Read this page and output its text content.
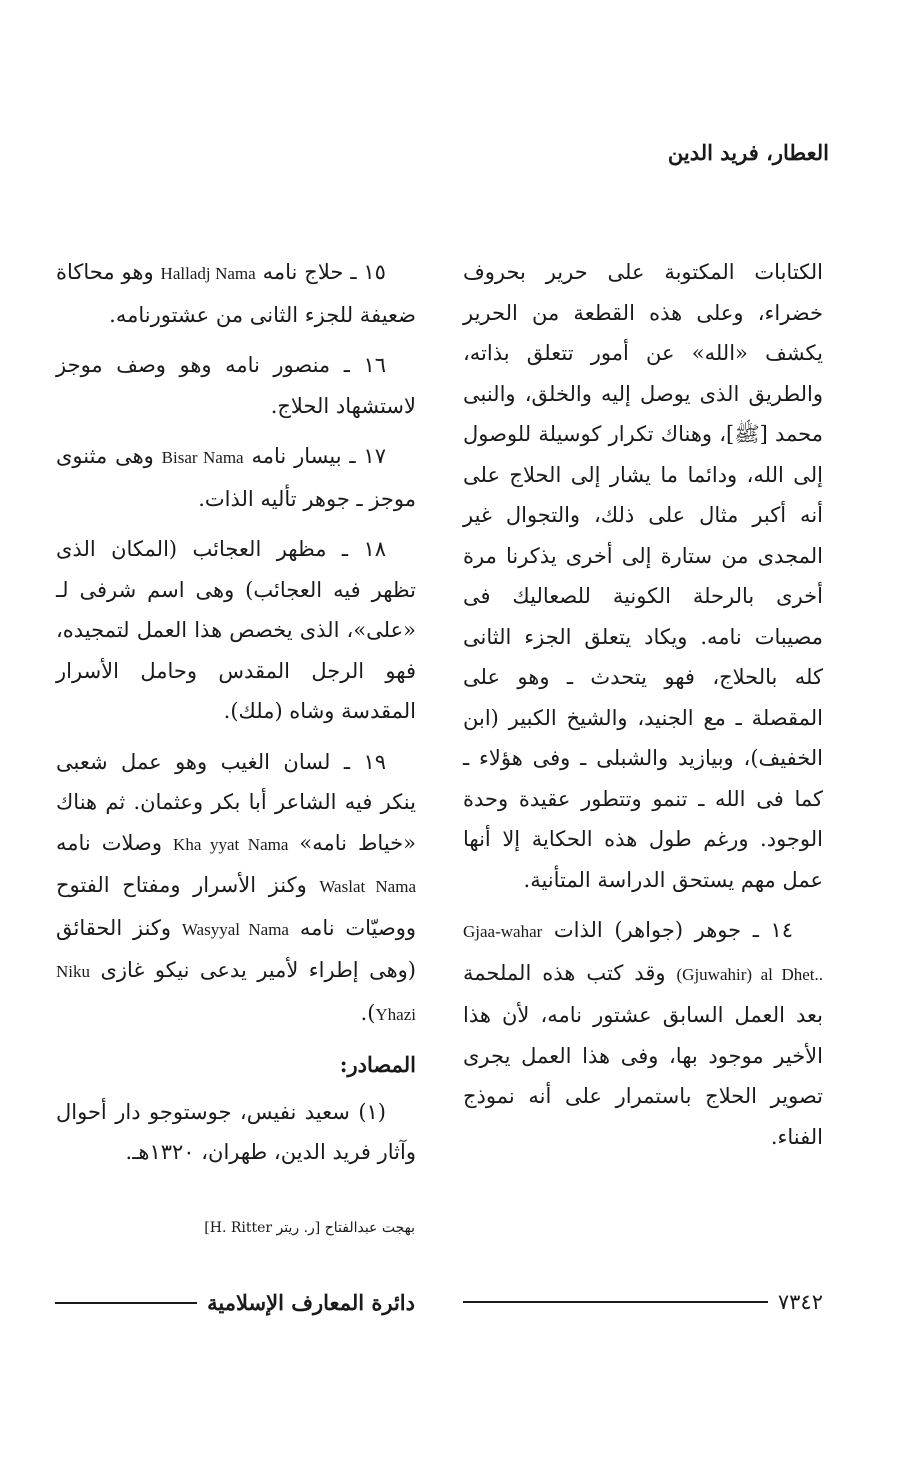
العطار، فريد الدين

الكتابات المكتوبة على حرير بحروف خضراء، وعلى هذه القطعة من الحرير يكشف «الله» عن أمور تتعلق بذاته، والطريق الذى يوصل إليه والخلق، والنبى محمد [ﷺ]، وهناك تكرار كوسيلة للوصول إلى الله، ودائما ما يشار إلى الحلاج على أنه أكبر مثال على ذلك، والتجوال غير المجدى من ستارة إلى أخرى يذكرنا مرة أخرى بالرحلة الكونية للصعاليك فى مصيبات نامه. ويكاد يتعلق الجزء الثانى كله بالحلاج، فهو يتحدث ـ وهو على المقصلة ـ مع الجنيد، والشيخ الكبير (ابن الخفيف)، وبيازيد والشبلى ـ وفى هؤلاء ـ كما فى الله ـ تنمو وتتطور عقيدة وحدة الوجود. ورغم طول هذه الحكاية إلا أنها عمل مهم يستحق الدراسة المتأنية.

١٤ ـ جوهر (جواهر) الذات Gjaa-wahar (Gjuwahir) al Dhet.. وقد كتب هذه الملحمة بعد العمل السابق عشتور نامه، لأن هذا الأخير موجود بها، وفى هذا العمل يجرى تصوير الحلاج باستمرار على أنه نموذج الفناء.

١٥ ـ حلاج نامه Halladj Nama وهو محاكاة ضعيفة للجزء الثانى من عشتورنامه.

١٦ ـ منصور نامه وهو وصف موجز لاستشهاد الحلاج.

١٧ ـ بيسار نامه Bisar Nama وهى مثنوى موجز ـ جوهر تأليه الذات.

١٨ ـ مظهر العجائب (المكان الذى تظهر فيه العجائب) وهى اسم شرفى لـ «على»، الذى يخصص هذا العمل لتمجيده، فهو الرجل المقدس وحامل الأسرار المقدسة وشاه (ملك).

١٩ ـ لسان الغيب وهو عمل شعبى ينكر فيه الشاعر أبا بكر وعثمان. ثم هناك «خياط نامه» Kha yyat Nama وصلات نامه Waslat Nama وكنز الأسرار ومفتاح الفتوح ووصيّات نامه Wasyyal Nama وكنز الحقائق (وهى إطراء لأمير يدعى نيكو غازى Niku Yhazi).

المصادر:

(١) سعيد نفيس، جوستوجو دار أحوال وآثار فريد الدين، طهران، ١٣٢٠هـ.

بهجت عبدالفتاح [ر. ريتر H. Ritter]
٧٣٤٢
دائرة المعارف الإسلامية
